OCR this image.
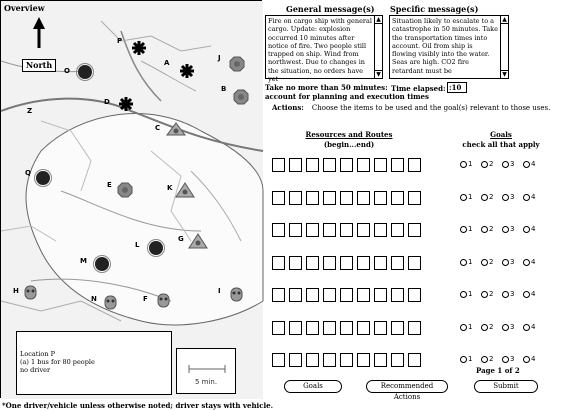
Overview
North
P
A
J
O
B
D
Z
C
Q
E	K
G
L
M
H
N	F
I
Location P
(a) 1 bus for 80 people
no driver
5 min.
*One driver/vehicle unless otherwise noted; driver stays with vehicle.
General message(s)
Fire on cargo ship with general cargo. Update: explosion occurred 10 minutes after notice of fire. Two people still trapped on ship. Wind from northwest. Due to changes in the situation, no orders have yet
▲
▼
Specific message(s)
Situation likely to escalate to a catastrophe in 50 minutes. Take the transportation times into account. Oil from ship is flowing visibly into the water. Seas are high. CO2 fire retardant must be
▲
▼
Take no more than 50 minutes:
account for planning and execution times
Time elapsed: :10
Actions: Choose the items to be used and the goal(s) relevant to those uses.
Resources and Routes
(begin...end)
Goals
check all that apply
1	2	3	4
1	2	3	4
1	2	3	4
1	2	3	4
1	2	3	4
1	2	3	4
1	2	3	4
Page 1 of 2
Goals	Recommended Actions
Submit
